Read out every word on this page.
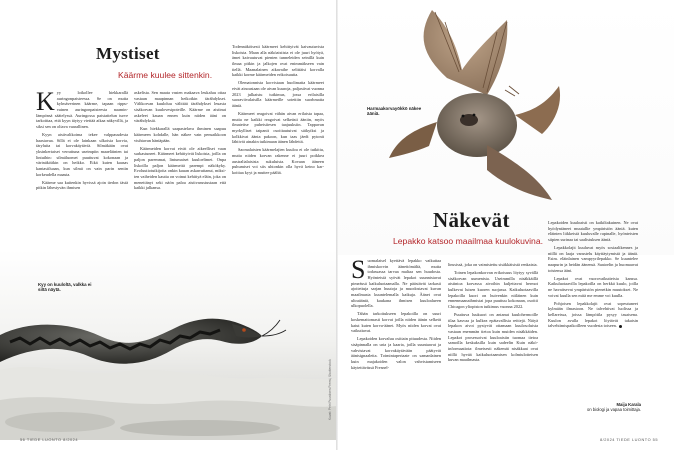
Mystiset
Käärme kuulee sittenkin.

Kyy loikollee hiekkarallä auringonpaisteessa. Se on mutta kylmäverinen käärme, tapaan rippuvainen auringonpaisteesta naaminlämpönsä säätelyssä. Auringossa paistattelun turve tarkoittaa, että kyyn täytyy viettää aikaa näkyvillä, ja siksi sen on oltava vaarallinen.

Kyyn aistivalikoima tekee valppausdesta haastavaa. Sillä ei ole lainkaan ulkoisia korvia, täryluita tai korvakäytäviä. Silmäkään ovat yksinkertaiset verrattuna useimpiin maaeläinten tai lintuihin: silmäluomet puuttuvat kokonaan ja värinäköäkin on heikko. Eikä kuten kaasas kantasiiluaan, kun silmä on vain parin sentin korkeudella maasta.

Käärme saa kuitenkin hyvissä ajoin tiedon tästä pitkin lähestyvän ihmisen

askelista. Sen maata vasten makaava leukaluu ottaa vastaan maapinnan heikotkin tärähdykset. Välikorvan kuuloluu välittää tärähdykset leuasta sisäkorvan kuulovesipoteille. Käärme on aistinut askeleet kauan ennen kuin niiden ääni on värähdyksiä.

Kun hiekkarallä saapastelava ihminen saapuu käärmeen kohdalle, hän näkee vain pensaikkoon viuhtavan häntäpään.

Käärmeiden korvat eivät ole aikeelliset vaan surkastuneet. Käärmeet kehittyivät liskoista, joilla on paljon paremmat, lintumaiset kuuloelimet. Onpa liskoilla paljon käärmeitä parempi näkökyky. Evoluutiotutkijoita onkin kauan askarruttanut, miksiten vaiheiden kautta on voinut kehittyä eläin, joka on menettänyt seki näön paloa aistivarustustaan että kaikki jalkansa.

Todennäköisesti käärmeet kehittyivät kaivautuvista liskoista. Maan alla näköaistista ei ole juuri hyötyä, ämet kaivautuvat pienten tunneleiden seinillä kuin ilmaa pitkin ja jalkojen ovat enimmäkseen vain tiellä. Maanalainen aikavaihe selittäisi korvalla kaikki korme käärmeiden erikoisuutta.

Olematonnista korvistaan huolimatta käärmeet eivät ainoastaan ole aivan kuuroja, paljastivat vuonna 2023 julkaistu tutkimus, jossa erilaisilla suoraviivalaisilla käärmeille sotettiin suorhmatta ääniä.

Käärmeet reagoivat vähän aivan erilaista tapaa, mutta ne kaikki reagoivat selkeästi ääniin, myös ilmateitse puheisiiesen taajuuksiin. Tappavan myrkylliset taipanit osoittautuivat säikyiksi ja kolkkivat äänta pakoon, kun taas jäedt pytonit lähtivät ainakin tutkimaan äänen lähdettä.

Saomalaisten käärmelajien kuuloa ei ole tutkittu, mutta niiden korvan rakenne ei juuri poikkea australialaisista sukuluista. Kovaan ääneen puhumiset voi siis uhtonkin olla hyvä keino karkoittaa kyyt ja muttee päältä.

Kyy on kuuloltä, valkka ei siltä näytä.
Kuvat: Petri Puustinen Freesi, Shutterstock
56 TIEDE LUONTO 8/2024
Harmaakorvayökkö näkee ääniä.
Näkevät
Lepakko katsoo maailmaa kuulokuvina.

Suomalaisel kyettävä lepakko vaikuttaa ihmiskorvin äänettömältä, mutta todassassa tarvaa maltaa sen huudosta. Hyönteisiä syövät lepakot suunnistavat pimeässä kaikuluotaamalla. Ne päästävät tarkasti ajoitettuja sarjan huutoja ja muodostavat kuvan maailmasta kuuntelemalla kaikuja. Äänet ovat ultraääniä, kaukana ihmisen kuuloalueen ulkopuolella.

Tähän tarkoitukseen lepakoilla on suuri koskemattomasti korvat joilla niiden äänin selkeät kaiut kuten korva-äänet. Myös niiden korvat ovat vaikuttavat.

Lepakoiden korvaluu osittain pituudesta. Niiden sisäpinnalla on uria ja kaaria, joilla suuntaavat ja vahvistavat korvakäytävään päätyvät äänisignaaleita. Toimintaperiaate on samanlainen kuin majakoiden valon vahvistamiseen käytettävässä Fresnel-

linssissä, joka on vaimistettu sisäkkäisistä renkaista.

Toinen lepakonkorvan erikoisuus löytyy syvällä sisäkorvan uumenista. Useimmilla nisäkkäillä aistintoa korvassa aivoihin kuljettavat hermot kulkevat luisen kuoren suojassa. Kaikuluotaavilla lepakoilla kuori on huivenkin niiläinen kuin ennenmaanaihmistai jopa puuttuu kokonaan, osoitti Chicagon yliopiston tutkimus vuonna 2022.

Puuttuva luukuori on antanut kuulohermoille tilaa kasvaa ja kulkea epätavallisia reittejä. Näiyä lepakon aivot pystyvät ottamaan kuulosoluista vastaan enemmän tietoa kuin muiden nisäkkäiden. Lepakot prosessoivat kuuloaistin tuomaa tietoa samoilla keskuksilla kuin sadeelin Kuin näköinformaatiota: ilmeisesti näkemät nisäkkaat ovat niillä hyvää kaikuluotaamisen kolmiulotteisen kuvan maailmasta.

Lepakoiden kuuloaisti on kaikiltakuinen. Ne ovat hyödyntäneet muutallie ympäristön ääniä. kuten eläinten liikkeistä kuuluvalle rapinalle, hyönteisten siipien surinaa tai saalistuksen ääniä.

Lepakkolajit kuuluvat myös sosiaalikennes ja niillä on laaja varustelu käyttäytymistä ja ääniä. Esim. eläinlainen vampyyrilepakko. Se kuuntelee naapurin ja heidän äänensä. Saatoelin ja huomaavat toistensa ääni.

Lepakot ovat vuorovaikutteisia kanssa. Kaikuluotaavilla lepakoilla on herkkä kuulo, joilla ne havaitsevat ympäristön pienetkin muutokset. Ne voivat kuulla sen mitä me emme voi kuulla.

Pohjoisen lepakkolajit ovat sopeutuneet kylmään ilmastoon. Ne talvehtivat luolissa ja kellareissa, joissa lämpötila pysyy tasaisena. Kuulon avulla lepakot löytävät takaisin talvehtimispaikoilleen vuodesta toiseen.

Maija Karala
on biologi ja vapaa toimittaja.
8/2024 TIEDE LUONTO 55
